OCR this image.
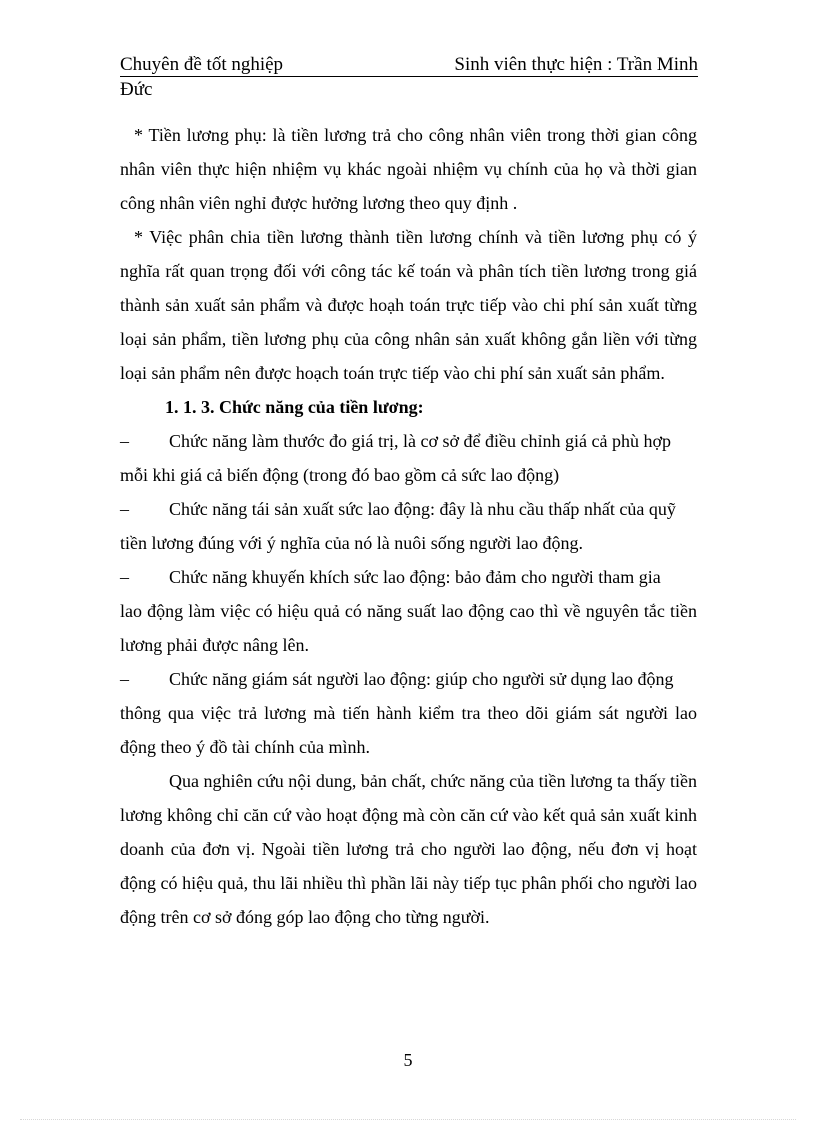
Chuyên đề tốt nghiệp	Sinh viên thực hiện : Trần Minh
Đức

* Tiền lương phụ: là tiền lương trả cho công nhân viên trong thời gian công nhân viên thực hiện nhiệm vụ khác ngoài nhiệm vụ chính của họ và thời gian công nhân viên nghỉ được hưởng lương theo quy định .

* Việc phân chia tiền lương thành tiền lương chính và tiền lương phụ có ý nghĩa rất quan trọng đối với công tác kế toán và phân tích tiền lương trong giá thành sản xuất sản phẩm và được hoạh toán trực tiếp vào chi phí sản xuất từng loại sản phẩm, tiền lương phụ của công nhân sản xuất không gắn liền với từng loại sản phẩm nên được hoạch toán trực tiếp vào chi phí sản xuất sản phẩm.

1. 1. 3. Chức năng của tiền lương:

–	Chức năng làm thước đo giá trị, là cơ sở để điều chỉnh giá cả phù hợp

mỗi khi giá cả biến động (trong đó bao gồm cả sức lao động)

–	Chức năng tái sản xuất sức lao động: đây là nhu cầu thấp nhất của quỹ

tiền lương đúng với ý nghĩa của nó là nuôi sống người lao động.

–	Chức năng khuyến khích sức lao động: bảo đảm cho người tham gia

lao động làm việc có hiệu quả có năng suất lao động cao thì về nguyên tắc tiền lương phải được nâng lên.

–	Chức năng giám sát người lao động: giúp cho người sử dụng lao động

thông qua việc trả lương mà tiến hành kiểm tra theo dõi giám sát người lao động theo ý đồ tài chính của mình.

Qua nghiên cứu nội dung, bản chất, chức năng của tiền lương ta thấy tiền lương không chỉ căn cứ vào hoạt động mà còn căn cứ vào kết quả sản xuất kinh doanh của đơn vị. Ngoài tiền lương trả cho người lao động, nếu đơn vị hoạt động có hiệu quả, thu lãi nhiều thì phần lãi này tiếp tục phân phối cho người lao động trên cơ sở đóng góp lao động cho từng người.

5
